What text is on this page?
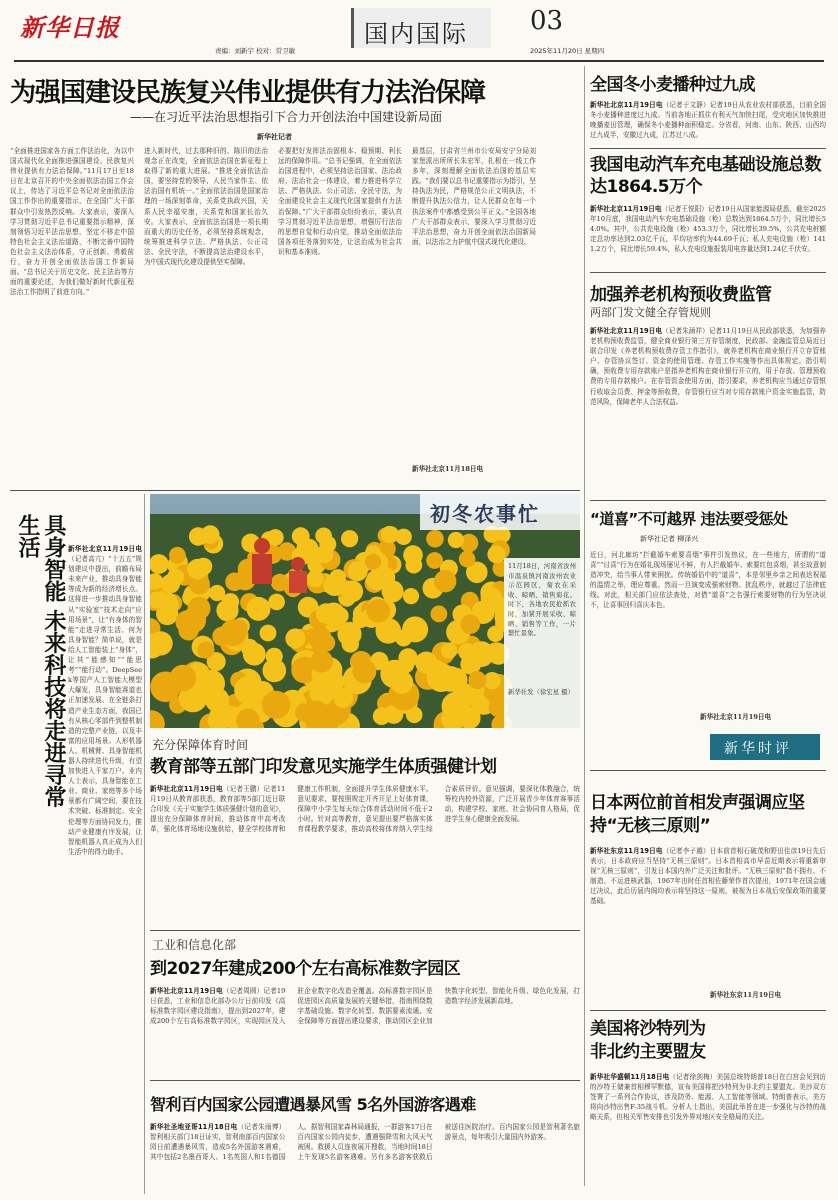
新华日报	国内国际 03
责编：刘新宇 校对：常卫敏	2025年11月20日 星期四
为强国建设民族复兴伟业提供有力法治保障
——在习近平法治思想指引下合力开创法治中国建设新局面
新华社记者
“全面推进国家各方面工作法治化，为以中国式现代化全面推进强国建设、民族复兴伟业提供有力法治保障。”11月17日至18日在北京召开的中央全面依法治国工作会议上，传达了习近平总书记对全面依法治国工作作出的重要指示，在全国广大干部群众中引发热烈反响。大家表示，要深入学习贯彻习近平总书记重要指示精神，深刻领悟习近平法治思想，坚定不移走中国特色社会主义法治道路，不断完善中国特色社会主义法治体系，守正创新、勇毅前行，奋力开创全面依法治国工作新局面。“总书记关于历史文化、民主法治等方面的重要论述，为我们做好新时代新征程法治工作指明了前进方向。”
进入新时代，过去那种旧的、陈旧的法治观念正在改变，全面依法治国在新征程上取得了新的重大进展。“推进全面依法治国，要坚持党的领导、人民当家作主、依法治国有机统一。”全面依法治国是国家治理的一场深刻革命，关系党执政兴国，关系人民幸福安康，关系党和国家长治久安。大家表示，全面依法治国是一项长期而重大的历史任务，必须坚持系统观念，统筹推进科学立法、严格执法、公正司法、全民守法，不断提高法治建设水平，为中国式现代化建设提供坚实保障。
必要把好发挥法治固根本、稳预期、利长远的保障作用。“总书记强调，在全面依法治国进程中，必须坚持法治国家、法治政府、法治社会一体建设，着力推进科学立法、严格执法、公正司法、全民守法，为全面建设社会主义现代化国家提供有力法治保障。”广大干部群众纷纷表示，要认真学习贯彻习近平法治思想，增强厉行法治的思想自觉和行动自觉，推动全面依法治国各项任务落到实处，让法治成为社会共识和基本准则。
最基层，甘肃省兰州市公安局安宁分局刘家堡派出所所长朱宏军，扎根在一线工作多年，深刻理解全面依法治国的基层实践。“我们要以总书记重要指示为指引，坚持执法为民，严格规范公正文明执法，不断提升执法公信力，让人民群众在每一个执法案件中都感受到公平正义。”全国各地广大干部群众表示，要深入学习贯彻习近平法治思想，奋力开创全面依法治国新局面，以法治之力护航中国式现代化建设。
新华社北京11月18日电
全国冬小麦播种过九成
新华社北京11月19日电（记者于文静）记者19日从农业农村部获悉，目前全国冬小麦播种进度过九成。当前各地正抓住有利天气加快扫尾，受灾地区加快推进晚播麦田管理，确保冬小麦播种面积稳定。分省看，河南、山东、陕西、山西均过九成半，安徽过九成，江苏过八成。
我国电动汽车充电基础设施总数达1864.5万个
新华社北京11月19日电（记者王悦阳）记者19日从国家能源局获悉，截至2025年10月底，我国电动汽车充电基础设施（枪）总数达到1864.5万个，同比增长54.0%。其中，公共充电设施（枪）453.3万个，同比增长39.5%，公共充电桩额定总功率达到2.03亿千瓦，平均功率约为44.69千瓦；私人充电设施（枪）1411.2万个，同比增长59.4%，私人充电设施报装用电容量达到1.24亿千伏安。
加强养老机构预收费监管
两部门发文健全存管规则
新华社北京11月19日电（记者朱涵祥）记者11月19日从民政部获悉，为加强养老机构预收费监管，健全商业银行第三方存管制度，民政部、金融监管总局近日联合印发《养老机构预收费存管工作指引》，就养老机构在商业银行开立存管账户、存管协议签订、资金的使用管理、存管工作实施等作出具体规定。指引明确，预收费专用存款账户是指养老机构在商业银行开立的，用于存放、管理预收费的专用存款账户。在存管资金使用方面，指引要求，养老机构应当通过存管银行收取会员费、押金等预收费，存管银行应当对专用存款账户资金实施监管，防范风险，保障老年人合法权益。
“道喜”不可越界 违法要受惩处
新华社记者 柳泽兴
近日，河北廊坊“拦截婚车索要喜烟”事件引发热议，在一些地方，所谓的“道喜”“讨喜”行为在婚礼现场屡见不鲜，有人拦截婚车、索要红包喜烟，甚至故意制造冲突，给当事人带来困扰。传统婚俗中的“道喜”，本是邻里乡亲之间表达祝福的温情之举，理应尊重。然而一旦演变成强索财物、扰乱秩序，就越过了法律底线。对此，相关部门应依法查处，对借“道喜”之名强行索要财物的行为坚决说不，让喜事回归喜庆本色。
新华社北京11月19日电
新华时评
日本两位前首相发声强调应坚持“无核三原则”
新华社东京11月19日电（记者李子越）日本前首相石破茂和野田佳彦19日先后表示，日本政府应当坚持“无核三原则”。日本首相高市早苗近期表示将重新审视“无核三原则”，引发日本国内外广泛关注和批评。“无核三原则”指不拥有、不制造、不运进核武器，1967年由时任首相佐藤荣作首次提出，1971年在国会通过决议，此后历届内阁均表示将坚持这一原则，被视为日本战后安保政策的重要基础。
新华社东京11月19日电
美国将沙特列为非北约主要盟友
新华社华盛顿11月18日电（记者徐剑梅）美国总统特朗普18日在白宫会见到访的沙特王储兼首相穆罕默德，宣布美国将把沙特列为非北约主要盟友。美沙双方签署了一系列合作协议，涉及防务、能源、人工智能等领域。特朗普表示，美方将向沙特出售F-35战斗机。分析人士指出，美国此举旨在进一步强化与沙特的战略关系，但相关军售安排也引发外界对地区安全格局的关注。
具身智能 未来科技将走进寻常生活	新华社北京11月19日电（记者高亢）“十五五”规划建议中提出，前瞻布局未来产业，推动具身智能等成为新的经济增长点。这将进一步推动具身智能从“实验室”技术走向“应用场景”，让“有身体的智能”走进寻常生活。何为具身智能？简单说，就是给人工智能装上“身体”，让其“能感知”“能思考”“能行动”。DeepSeek等国产人工智能大模型大爆发，具身智能赛道也正加速发展。在全链条打造产业生态方面，我国已有从核心零部件到整机制造的完整产业链，以及丰富的应用场景。人形机器人、机械臂、具身智能机器人持续迭代升级，有望加快进入千家万户。业内人士表示，具身智能在工业、商业、家庭等多个场景都有广阔空间，要在技术突破、标准制定、安全伦理等方面协同发力，推动产业健康有序发展，让智能机器人真正成为人们生活中的得力助手。
初冬农事忙
11月18日，河南省汝州市温泉镇河南汝州农业示范园区，菊农在采收、晾晒、销售菊花。时下，各地农民抢抓农时，加紧开展采收、晾晒、销售等工作，一片繁忙景象。
新华社发（徐宏星 摄）
充分保障体育时间
教育部等五部门印发意见实施学生体质强健计划
新华社北京11月19日电（记者王鹏）记者11月19日从教育部获悉，教育部等5部门近日联合印发《关于实施学生体质强健计划的意见》，提出充分保障体育时间，推动体育中高考改革，强化体育场地设施供给，健全学校体育和健康工作机制，全面提升学生体质健康水平。意见要求，要按照规定开齐开足上好体育课，保障中小学生每天综合体育活动时间不低于2小时。针对高等教育，意见提出要严格落实体育课程教学要求，推动高校将体育纳入学生综合素质评价。意见强调，要深化体教融合，统筹校内校外资源，广泛开展青少年体育赛事活动，构建学校、家庭、社会协同育人格局，促进学生身心健康全面发展。
工业和信息化部
到2027年建成200个左右高标准数字园区
新华社北京11月19日电（记者周圆）记者19日获悉，工业和信息化部办公厅日前印发《高标准数字园区建设指南》，提出到2027年，建成200个左右高标准数字园区，实现园区及入驻企业数字化改造全覆盖。高标准数字园区是促进园区高质量发展的关键举措，指南围绕数字基础设施、数字化转型、数据要素流通、安全保障等方面提出建设要求，推动园区企业加快数字化转型、智能化升级、绿色化发展，打造数字经济发展新高地。
智利百内国家公园遭遇暴风雪 5名外国游客遇难
新华社圣地亚哥11月18日电（记者朱雨博）智利相关部门18日证实，智利南部百内国家公园日前遭遇暴风雪，造成5名外国游客遇难，其中包括2名墨西哥人、1名英国人和1名德国人。据智利国家森林局通报，一群游客17日在百内国家公园内徒步，遭遇强降雪和大风天气被困。救援人员连夜展开搜救，当地时间18日上午发现5名游客遇难。另有多名游客获救后被送往医院治疗。百内国家公园是智利著名旅游景点，每年吸引大量国内外游客。
